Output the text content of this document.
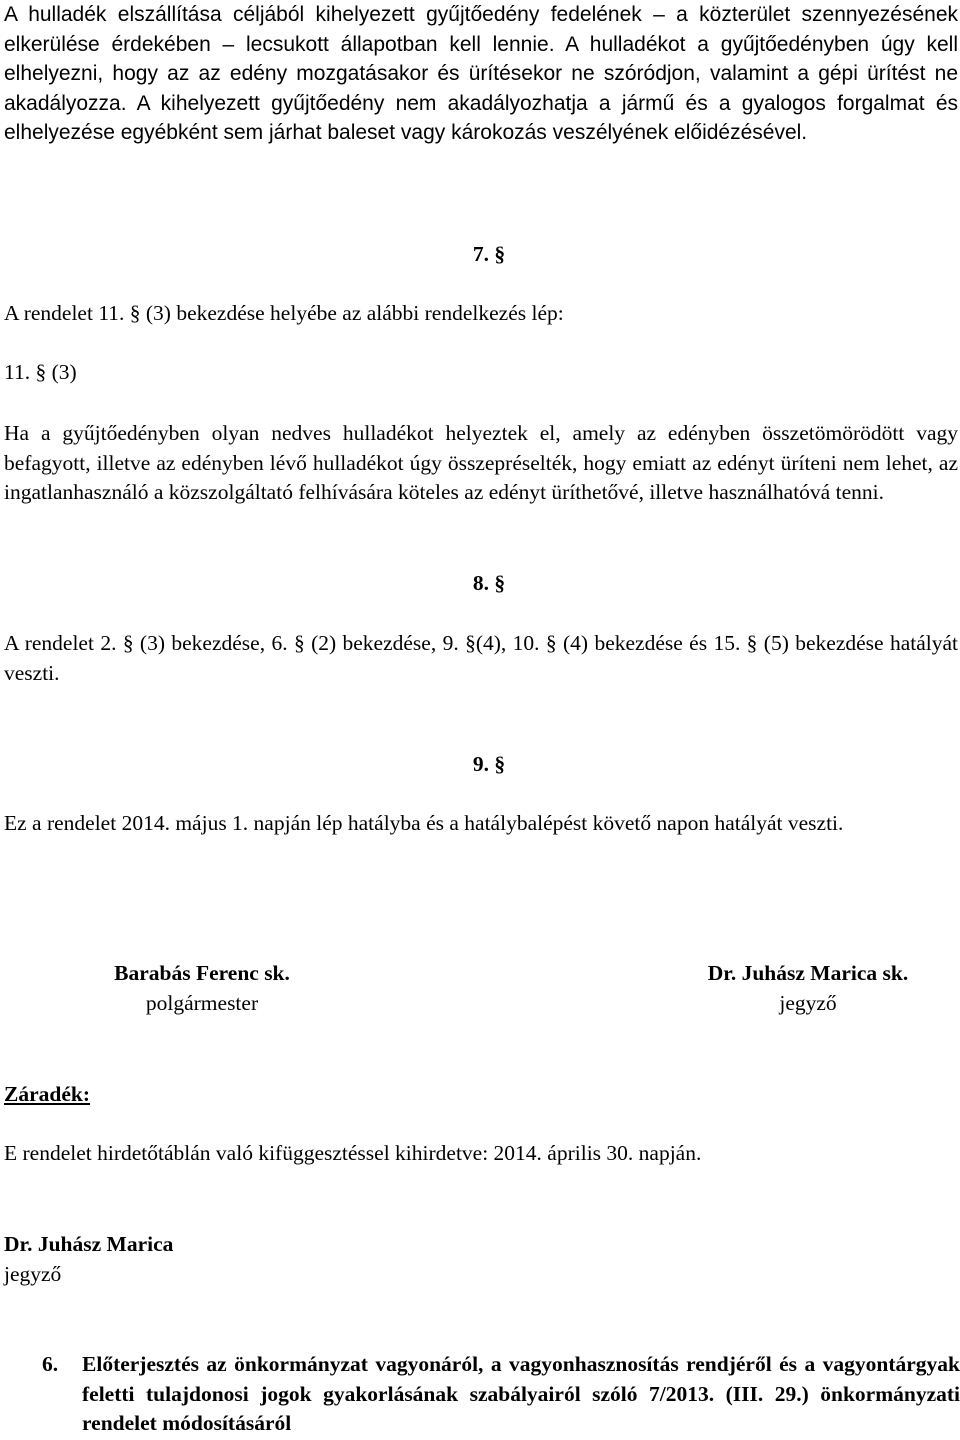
A hulladék elszállítása céljából kihelyezett gyűjtőedény fedelének – a közterület szennyezésének elkerülése érdekében – lecsukott állapotban kell lennie. A hulladékot a gyűjtőedényben úgy kell elhelyezni, hogy az az edény mozgatásakor és ürítésekor ne szóródjon, valamint a gépi ürítést ne akadályozza. A kihelyezett gyűjtőedény nem akadályozhatja a jármű és a gyalogos forgalmat és elhelyezése egyébként sem járhat baleset vagy károkozás veszélyének előidézésével.

7. §

A rendelet 11. § (3) bekezdése helyébe az alábbi rendelkezés lép:

11. § (3)

Ha a gyűjtőedényben olyan nedves hulladékot helyeztek el, amely az edényben összetömörödött vagy befagyott, illetve az edényben lévő hulladékot úgy összepréselték, hogy emiatt az edényt üríteni nem lehet, az ingatlanhasználó a közszolgáltató felhívására köteles az edényt üríthetővé, illetve használhatóvá tenni.

8. §

A rendelet 2. § (3) bekezdése, 6. § (2) bekezdése, 9. §(4), 10. § (4) bekezdése és 15. § (5) bekezdése hatályát veszti.

9. §

Ez a rendelet 2014. május 1. napján lép hatályba és a hatálybalépést követő napon hatályát veszti.

Barabás Ferenc sk.
polgármester
Dr. Juhász Marica sk.
jegyző

Záradék:

E rendelet hirdetőtáblán való kifüggesztéssel kihirdetve: 2014. április 30. napján.

Dr. Juhász Marica

jegyző

6. Előterjesztés az önkormányzat vagyonáról, a vagyonhasznosítás rendjéről és a vagyontárgyak feletti tulajdonosi jogok gyakorlásának szabályairól szóló 7/2013. (III. 29.) önkormányzati rendelet módosításáról
